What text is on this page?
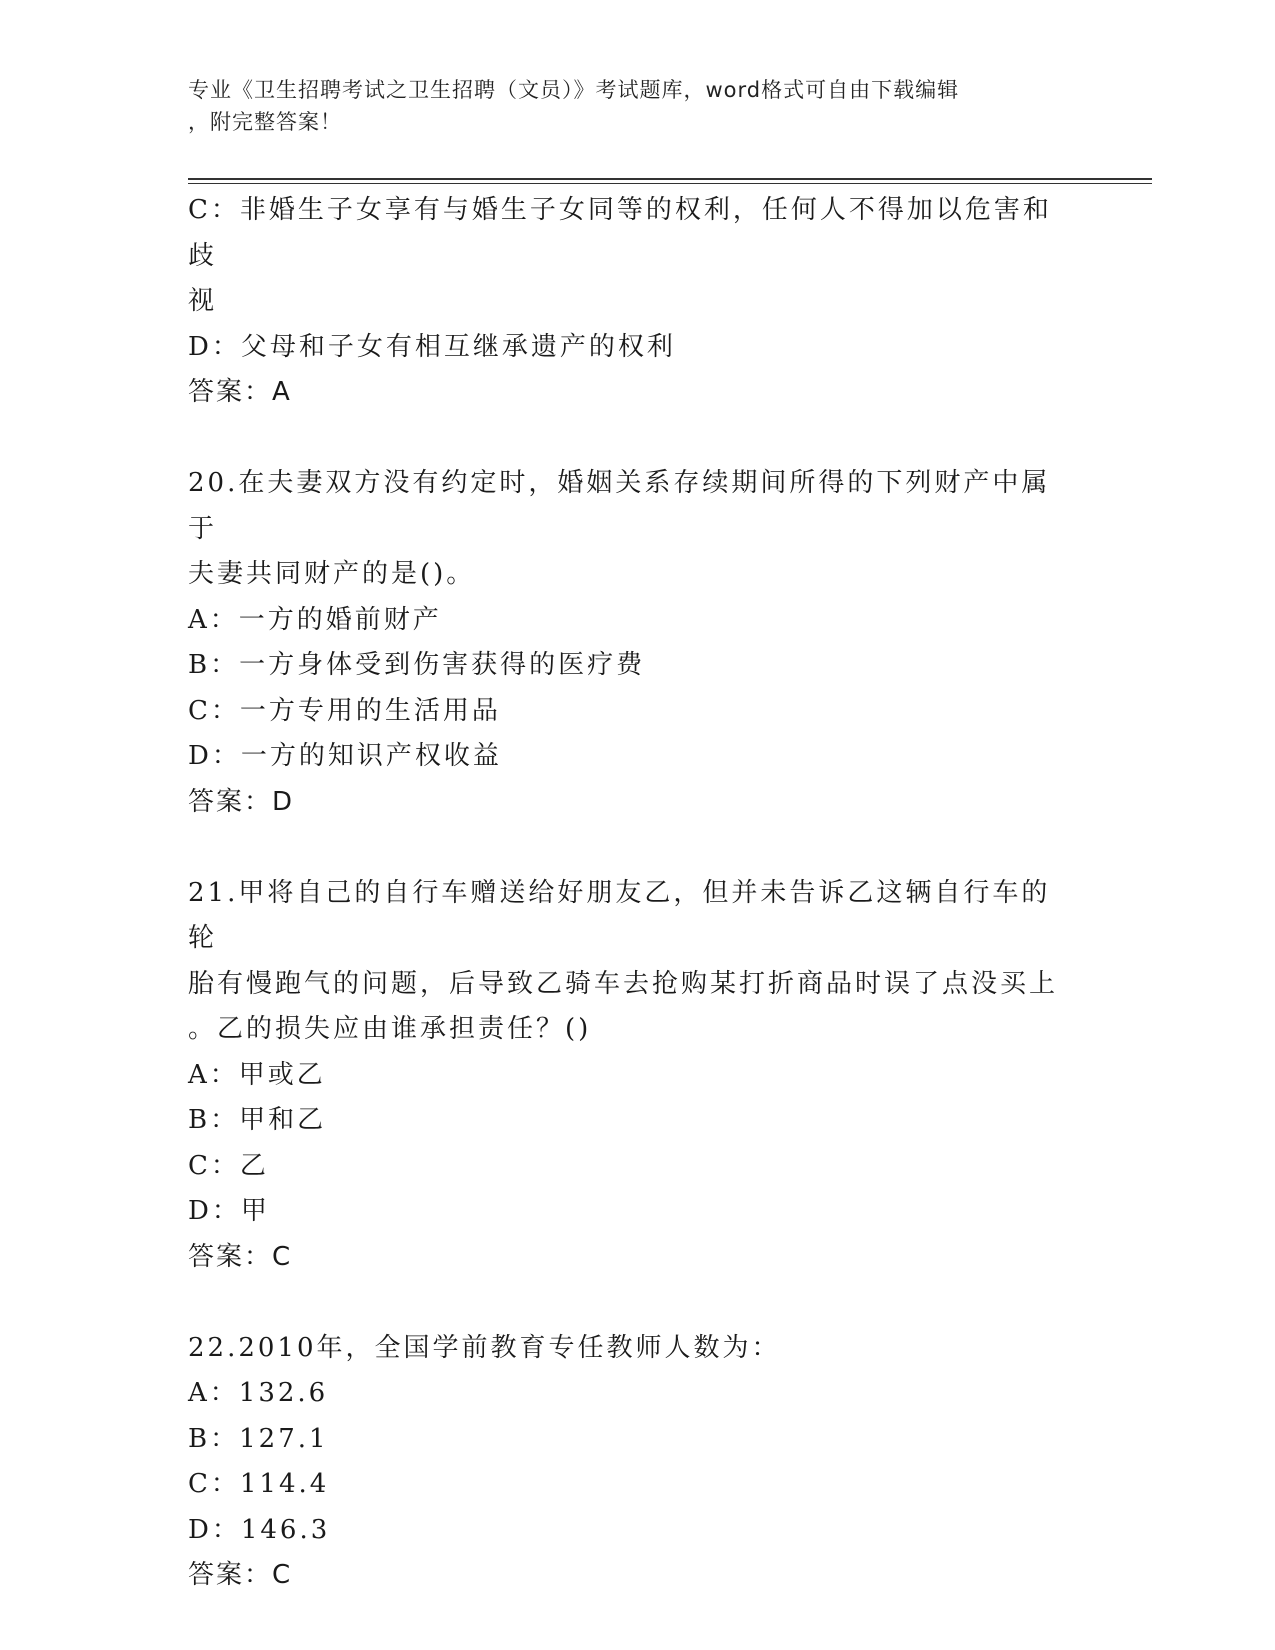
专业《卫生招聘考试之卫生招聘（文员）》考试题库，word格式可自由下载编辑
，附完整答案！
C：非婚生子女享有与婚生子女同等的权利，任何人不得加以危害和歧
视
D：父母和子女有相互继承遗产的权利
答案：A
20.在夫妻双方没有约定时，婚姻关系存续期间所得的下列财产中属于
夫妻共同财产的是()。
A：一方的婚前财产
B：一方身体受到伤害获得的医疗费
C：一方专用的生活用品
D：一方的知识产权收益
答案：D
21.甲将自己的自行车赠送给好朋友乙，但并未告诉乙这辆自行车的轮
胎有慢跑气的问题，后导致乙骑车去抢购某打折商品时误了点没买上
。乙的损失应由谁承担责任？()
A：甲或乙
B：甲和乙
C：乙
D：甲
答案：C
22.2010年，全国学前教育专任教师人数为：
A：132.6
B：127.1
C：114.4
D：146.3
答案：C
